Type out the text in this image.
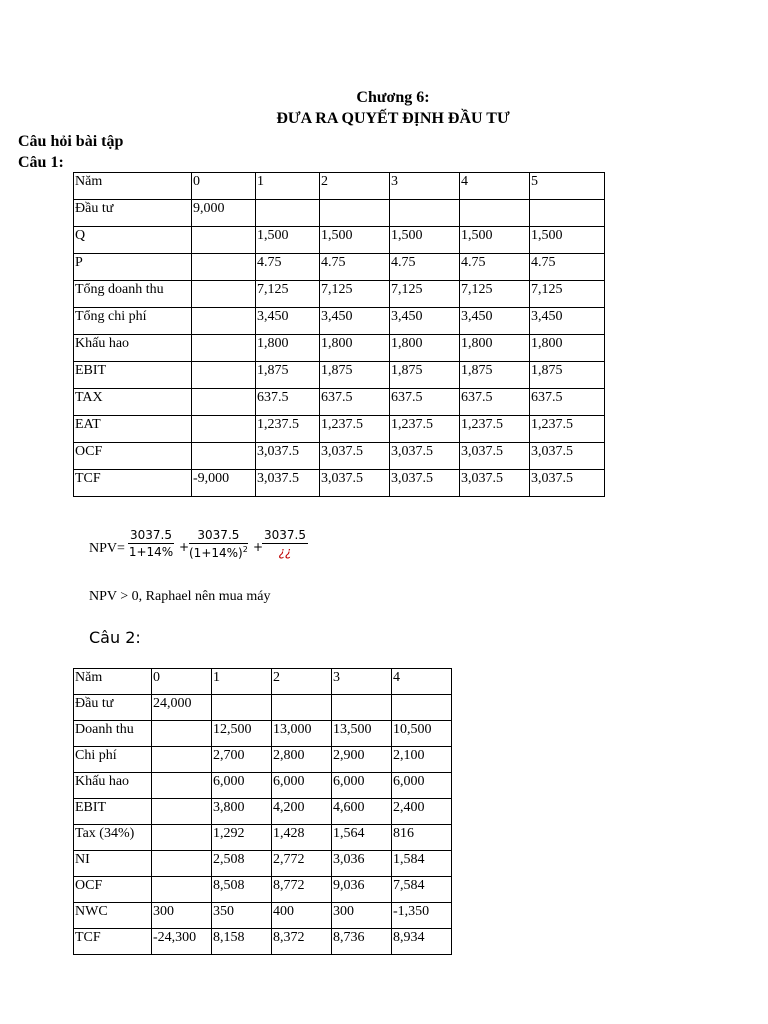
Chương 6:
ĐƯA RA QUYẾT ĐỊNH ĐẦU TƯ
Câu hỏi bài tập
Câu 1:
Năm	0	1	2	3	4	5
Đầu tư	9,000					
Q		1,500	1,500	1,500	1,500	1,500
P		4.75	4.75	4.75	4.75	4.75
Tổng doanh thu		7,125	7,125	7,125	7,125	7,125
Tổng chi phí		3,450	3,450	3,450	3,450	3,450
Khấu hao		1,800	1,800	1,800	1,800	1,800
EBIT		1,875	1,875	1,875	1,875	1,875
TAX		637.5	637.5	637.5	637.5	637.5
EAT		1,237.5	1,237.5	1,237.5	1,237.5	1,237.5
OCF		3,037.5	3,037.5	3,037.5	3,037.5	3,037.5
TCF	-9,000	3,037.5	3,037.5	3,037.5	3,037.5	3,037.5
$NPV= \frac{3037.5}{1+14\%} + \frac{3037.5}{(1+14\%)^2}$ +
3037.5
¿¿
NPV > 0, Raphael nên mua máy
Câu 2:
Năm	0	1	2	3	4
Đầu tư	24,000				
Doanh thu		12,500	13,000	13,500	10,500
Chi phí		2,700	2,800	2,900	2,100
Khấu hao		6,000	6,000	6,000	6,000
EBIT		3,800	4,200	4,600	2,400
Tax (34%)		1,292	1,428	1,564	816
NI		2,508	2,772	3,036	1,584
OCF		8,508	8,772	9,036	7,584
NWC	300	350	400	300	-1,350
TCF	-24,300	8,158	8,372	8,736	8,934
